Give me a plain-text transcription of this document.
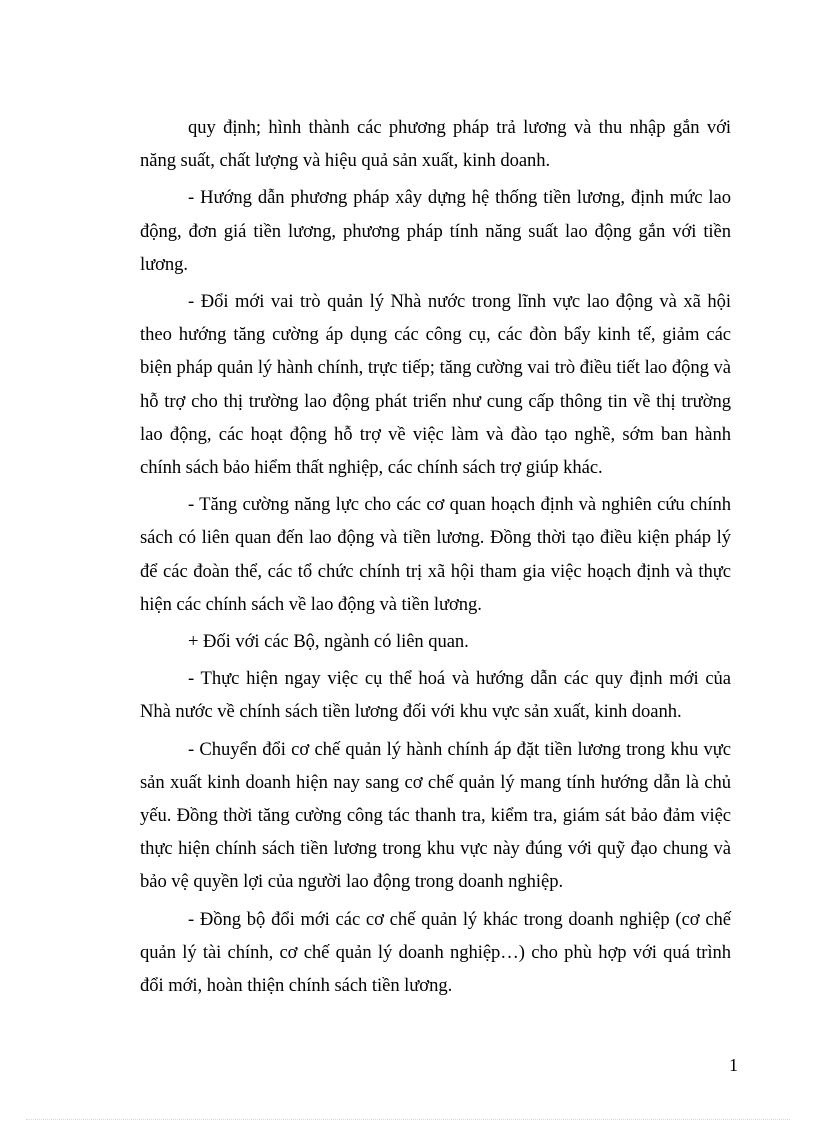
quy định; hình thành các phương pháp trả lương và thu nhập gắn với năng suất, chất lượng và hiệu quả sản xuất, kinh doanh.

- Hướng dẫn phương pháp xây dựng hệ thống tiền lương, định mức lao động, đơn giá tiền lương, phương pháp tính năng suất lao động gắn với tiền lương.

- Đổi mới vai trò quản lý Nhà nước trong lĩnh vực lao động và xã hội theo hướng tăng cường áp dụng các công cụ, các đòn bẩy kinh tế, giảm các biện pháp quản lý hành chính, trực tiếp; tăng cường vai trò điều tiết lao động và hỗ trợ cho thị trường lao động phát triển như cung cấp thông tin về thị trường lao động, các hoạt động hỗ trợ về việc làm và đào tạo nghề, sớm ban hành chính sách bảo hiểm thất nghiệp, các chính sách trợ giúp khác.

- Tăng cường năng lực cho các cơ quan hoạch định và nghiên cứu chính sách có liên quan đến lao động và tiền lương. Đồng thời tạo điều kiện pháp lý để các đoàn thể, các tổ chức chính trị xã hội tham gia việc hoạch định và thực hiện các chính sách về lao động và tiền lương.

+ Đối với các Bộ, ngành có liên quan.

- Thực hiện ngay việc cụ thể hoá và hướng dẫn các quy định mới của Nhà nước về chính sách tiền lương đối với khu vực sản xuất, kinh doanh.

- Chuyển đổi cơ chế quản lý hành chính áp đặt tiền lương trong khu vực sản xuất kinh doanh hiện nay sang cơ chế quản lý mang tính hướng dẫn là chủ yếu. Đồng thời tăng cường công tác thanh tra, kiểm tra, giám sát bảo đảm việc thực hiện chính sách tiền lương trong khu vực này đúng với quỹ đạo chung và bảo vệ quyền lợi của người lao động trong doanh nghiệp.

- Đồng bộ đổi mới các cơ chế quản lý khác trong doanh nghiệp (cơ chế quản lý tài chính, cơ chế quản lý doanh nghiệp…) cho phù hợp với quá trình đổi mới, hoàn thiện chính sách tiền lương.

1
